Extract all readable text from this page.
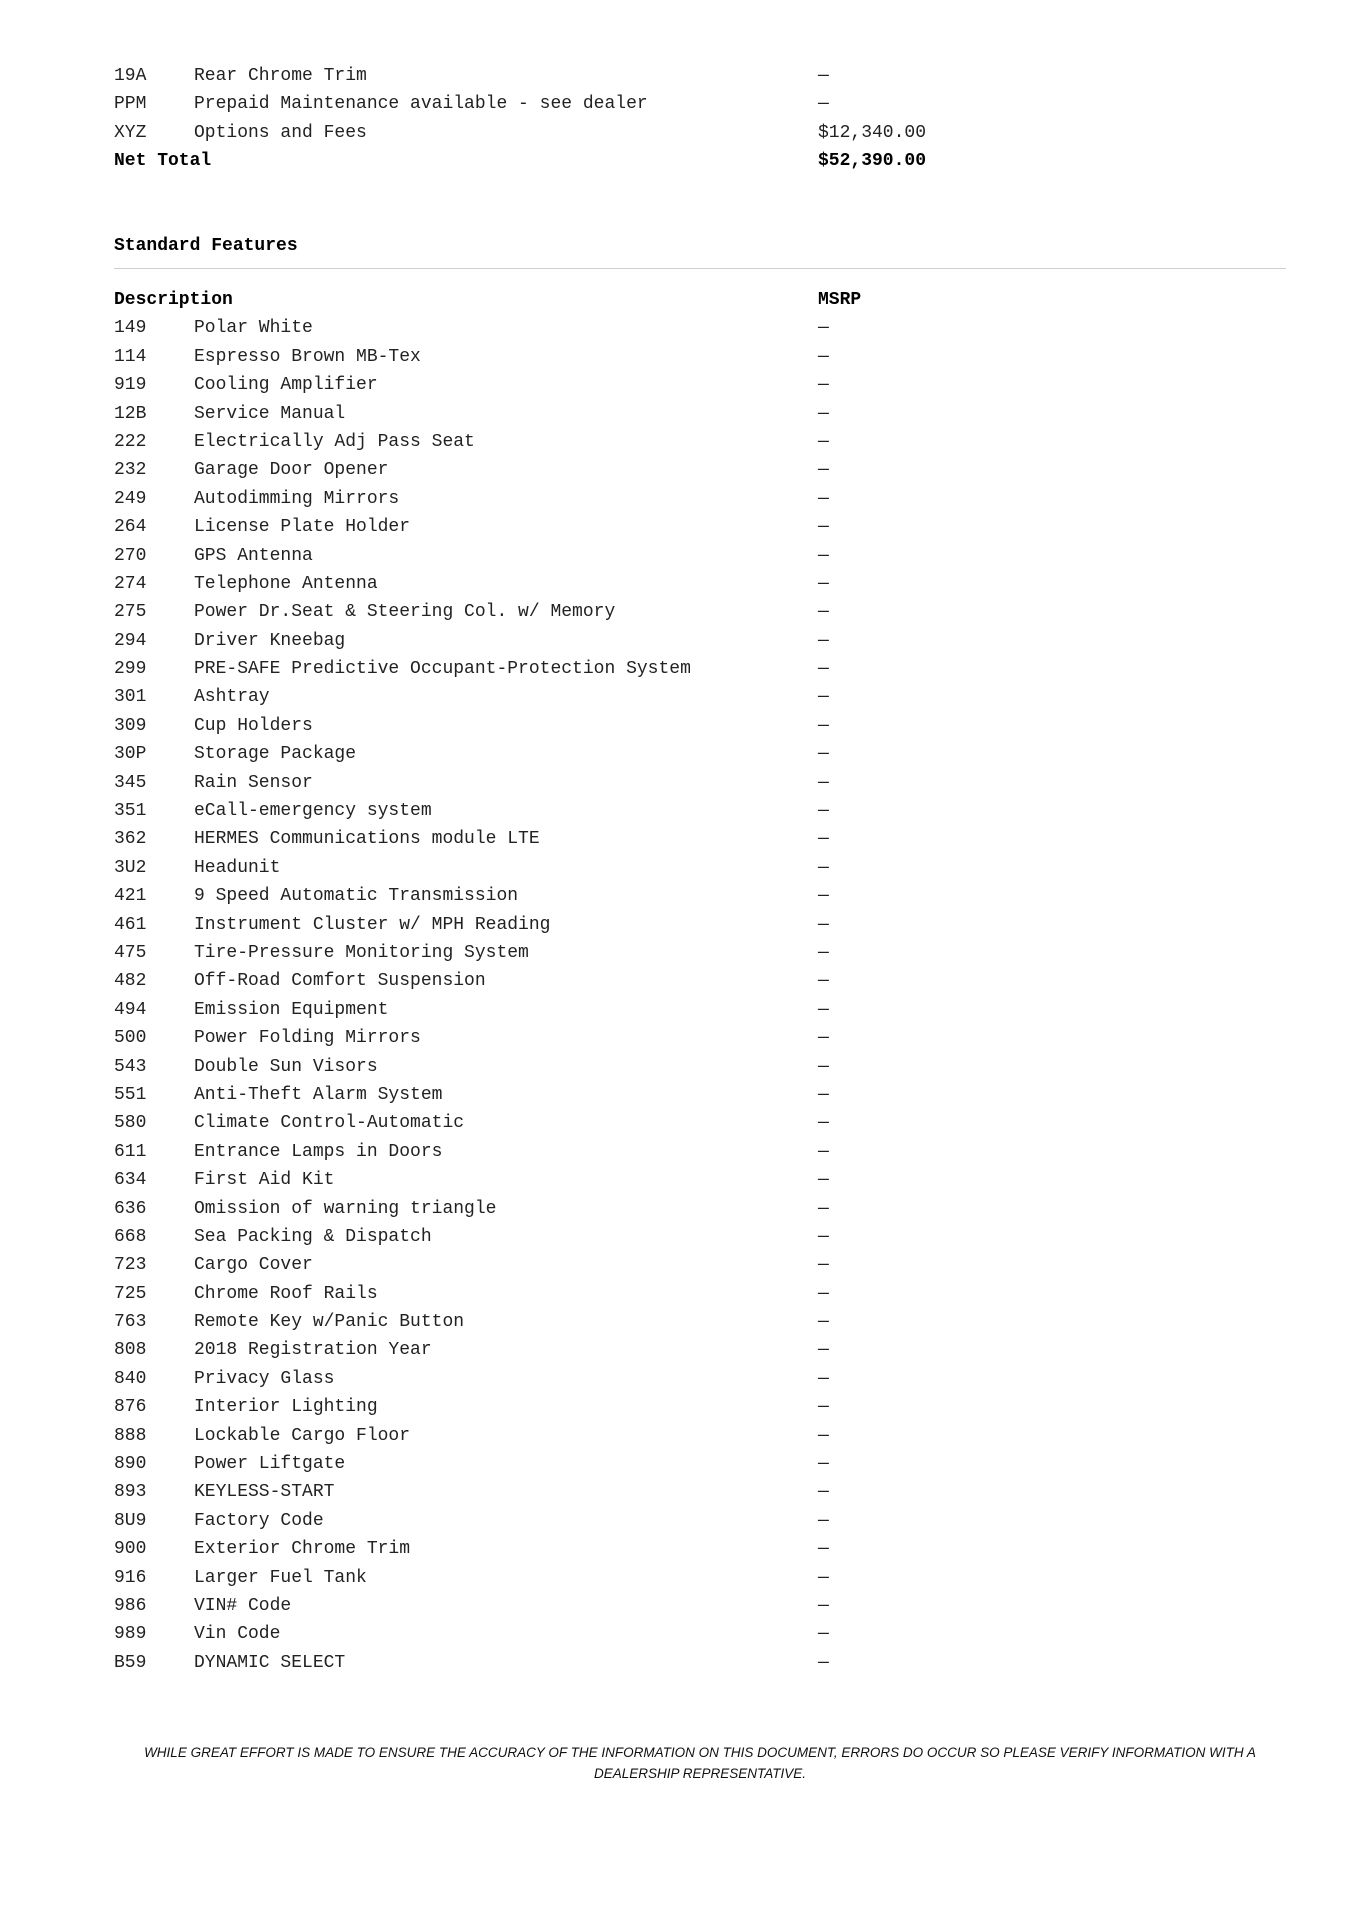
19A	Rear Chrome Trim	—
PPM	Prepaid Maintenance available - see dealer	—
XYZ	Options and Fees	$12,340.00
Net Total	$52,390.00
Standard Features
Description	MSRP
149	Polar White	—
114	Espresso Brown MB-Tex	—
919	Cooling Amplifier	—
12B	Service Manual	—
222	Electrically Adj Pass Seat	—
232	Garage Door Opener	—
249	Autodimming Mirrors	—
264	License Plate Holder	—
270	GPS Antenna	—
274	Telephone Antenna	—
275	Power Dr.Seat & Steering Col. w/ Memory	—
294	Driver Kneebag	—
299	PRE-SAFE Predictive Occupant-Protection System	—
301	Ashtray	—
309	Cup Holders	—
30P	Storage Package	—
345	Rain Sensor	—
351	eCall-emergency system	—
362	HERMES Communications module LTE	—
3U2	Headunit	—
421	9 Speed Automatic Transmission	—
461	Instrument Cluster w/ MPH Reading	—
475	Tire-Pressure Monitoring System	—
482	Off-Road Comfort Suspension	—
494	Emission Equipment	—
500	Power Folding Mirrors	—
543	Double Sun Visors	—
551	Anti-Theft Alarm System	—
580	Climate Control-Automatic	—
611	Entrance Lamps in Doors	—
634	First Aid Kit	—
636	Omission of warning triangle	—
668	Sea Packing & Dispatch	—
723	Cargo Cover	—
725	Chrome Roof Rails	—
763	Remote Key w/Panic Button	—
808	2018 Registration Year	—
840	Privacy Glass	—
876	Interior Lighting	—
888	Lockable Cargo Floor	—
890	Power Liftgate	—
893	KEYLESS-START	—
8U9	Factory Code	—
900	Exterior Chrome Trim	—
916	Larger Fuel Tank	—
986	VIN# Code	—
989	Vin Code	—
B59	DYNAMIC SELECT	—
WHILE GREAT EFFORT IS MADE TO ENSURE THE ACCURACY OF THE INFORMATION ON THIS DOCUMENT, ERRORS DO OCCUR SO PLEASE VERIFY INFORMATION WITH A DEALERSHIP REPRESENTATIVE.
